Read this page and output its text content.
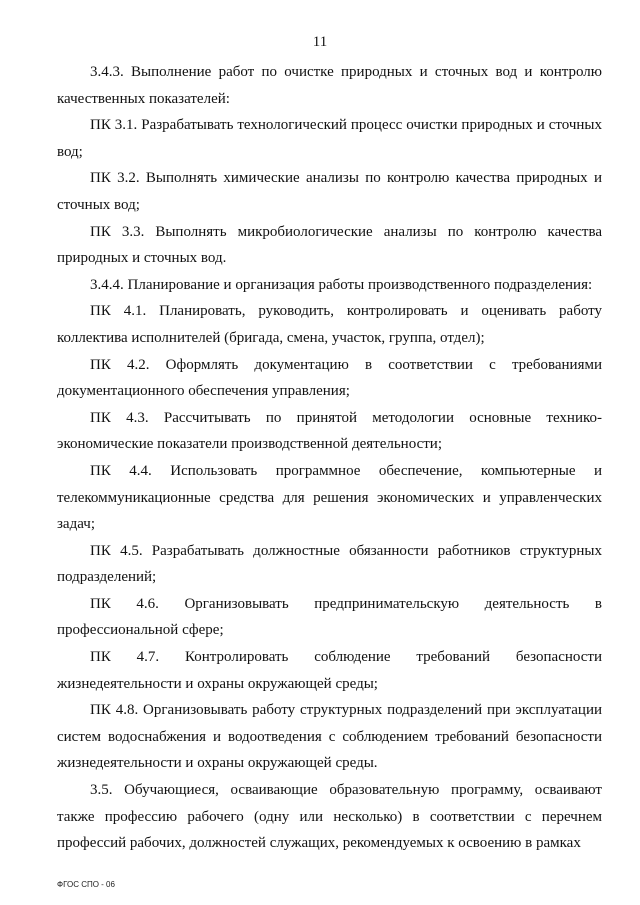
11

3.4.3. Выполнение работ по очистке природных и сточных вод и контролю качественных показателей:

ПК 3.1. Разрабатывать технологический процесс очистки природных и сточных вод;

ПК 3.2. Выполнять химические анализы по контролю качества природных и сточных вод;

ПК 3.3. Выполнять микробиологические анализы по контролю качества природных и сточных вод.

3.4.4. Планирование и организация работы производственного подразделения:

ПК 4.1. Планировать, руководить, контролировать и оценивать работу коллектива исполнителей (бригада, смена, участок, группа, отдел);

ПК 4.2. Оформлять документацию в соответствии с требованиями документационного обеспечения управления;

ПК 4.3. Рассчитывать по принятой методологии основные технико-экономические показатели производственной деятельности;

ПК 4.4. Использовать программное обеспечение, компьютерные и телекоммуникационные средства для решения экономических и управленческих задач;

ПК 4.5. Разрабатывать должностные обязанности работников структурных подразделений;

ПК 4.6. Организовывать предпринимательскую деятельность в профессиональной сфере;

ПК 4.7. Контролировать соблюдение требований безопасности жизнедеятельности и охраны окружающей среды;

ПК 4.8. Организовывать работу структурных подразделений при эксплуатации систем водоснабжения и водоотведения с соблюдением требований безопасности жизнедеятельности и охраны окружающей среды.

3.5. Обучающиеся, осваивающие образовательную программу, осваивают также профессию рабочего (одну или несколько) в соответствии с перечнем профессий рабочих, должностей служащих, рекомендуемых к освоению в рамках

ФГОС СПО - 06
